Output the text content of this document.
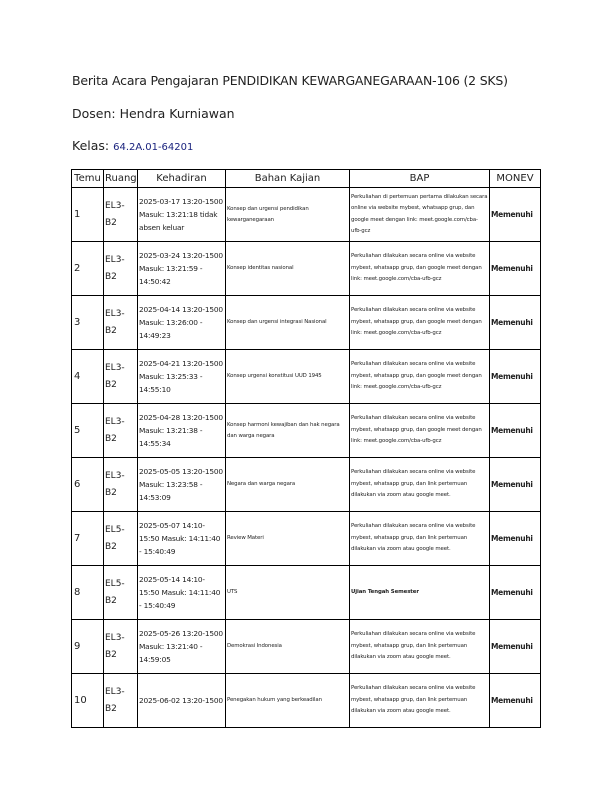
Berita Acara Pengajaran PENDIDIKAN KEWARGANEGARAAN-106 (2 SKS)
Dosen: Hendra Kurniawan
Kelas: 64.2A.01-64201
Temu	Ruang	Kehadiran	Bahan Kajian	BAP	MONEV
1	EL3-B2	2025-03-17 13:20-1500 Masuk: 13:21:18 tidak absen keluar	Konsep dan urgensi pendidikan kewarganegaraan	Perkuliahan di pertemuan pertama dilakukan secara online via website mybest, whatsapp grup, dan google meet dengan link: meet.google.com/cba-ufb-gcz	Memenuhi
2	EL3-B2	2025-03-24 13:20-1500 Masuk: 13:21:59 - 14:50:42	Konsep identitas nasional	Perkuliahan dilakukan secara online via website mybest, whatsapp grup, dan google meet dengan link: meet.google.com/cba-ufb-gcz	Memenuhi
3	EL3-B2	2025-04-14 13:20-1500 Masuk: 13:26:00 - 14:49:23	Konsep dan urgensi integrasi Nasional	Perkuliahan dilakukan secara online via website mybest, whatsapp grup, dan google meet dengan link: meet.google.com/cba-ufb-gcz	Memenuhi
4	EL3-B2	2025-04-21 13:20-1500 Masuk: 13:25:33 - 14:55:10	Konsep urgensi konstitusi UUD 1945	Perkuliahan dilakukan secara online via website mybest, whatsapp grup, dan google meet dengan link: meet.google.com/cba-ufb-gcz	Memenuhi
5	EL3-B2	2025-04-28 13:20-1500 Masuk: 13:21:38 - 14:55:34	Konsep harmoni kewajiban dan hak negara dan warga negara	Perkuliahan dilakukan secara online via website mybest, whatsapp grup, dan google meet dengan link: meet.google.com/cba-ufb-gcz	Memenuhi
6	EL3-B2	2025-05-05 13:20-1500 Masuk: 13:23:58 - 14:53:09	Negara dan warga negara	Perkuliahan dilakukan secara online via website mybest, whatsapp grup, dan link pertemuan dilakukan via zoom atau google meet.	Memenuhi
7	EL5-B2	2025-05-07 14:10-15:50 Masuk: 14:11:40 - 15:40:49	Review Materi	Perkuliahan dilakukan secara online via website mybest, whatsapp grup, dan link pertemuan dilakukan via zoom atau google meet.	Memenuhi
8	EL5-B2	2025-05-14 14:10-15:50 Masuk: 14:11:40 - 15:40:49	UTS	Ujian Tengah Semester	Memenuhi
9	EL3-B2	2025-05-26 13:20-1500 Masuk: 13:21:40 - 14:59:05	Demokrasi Indonesia	Perkuliahan dilakukan secara online via website mybest, whatsapp grup, dan link pertemuan dilakukan via zoom atau google meet.	Memenuhi
10	EL3-B2	2025-06-02 13:20-1500	Penegakan hukum yang berkeadilan	Perkuliahan dilakukan secara online via website mybest, whatsapp grup, dan link pertemuan dilakukan via zoom atau google meet.	Memenuhi
